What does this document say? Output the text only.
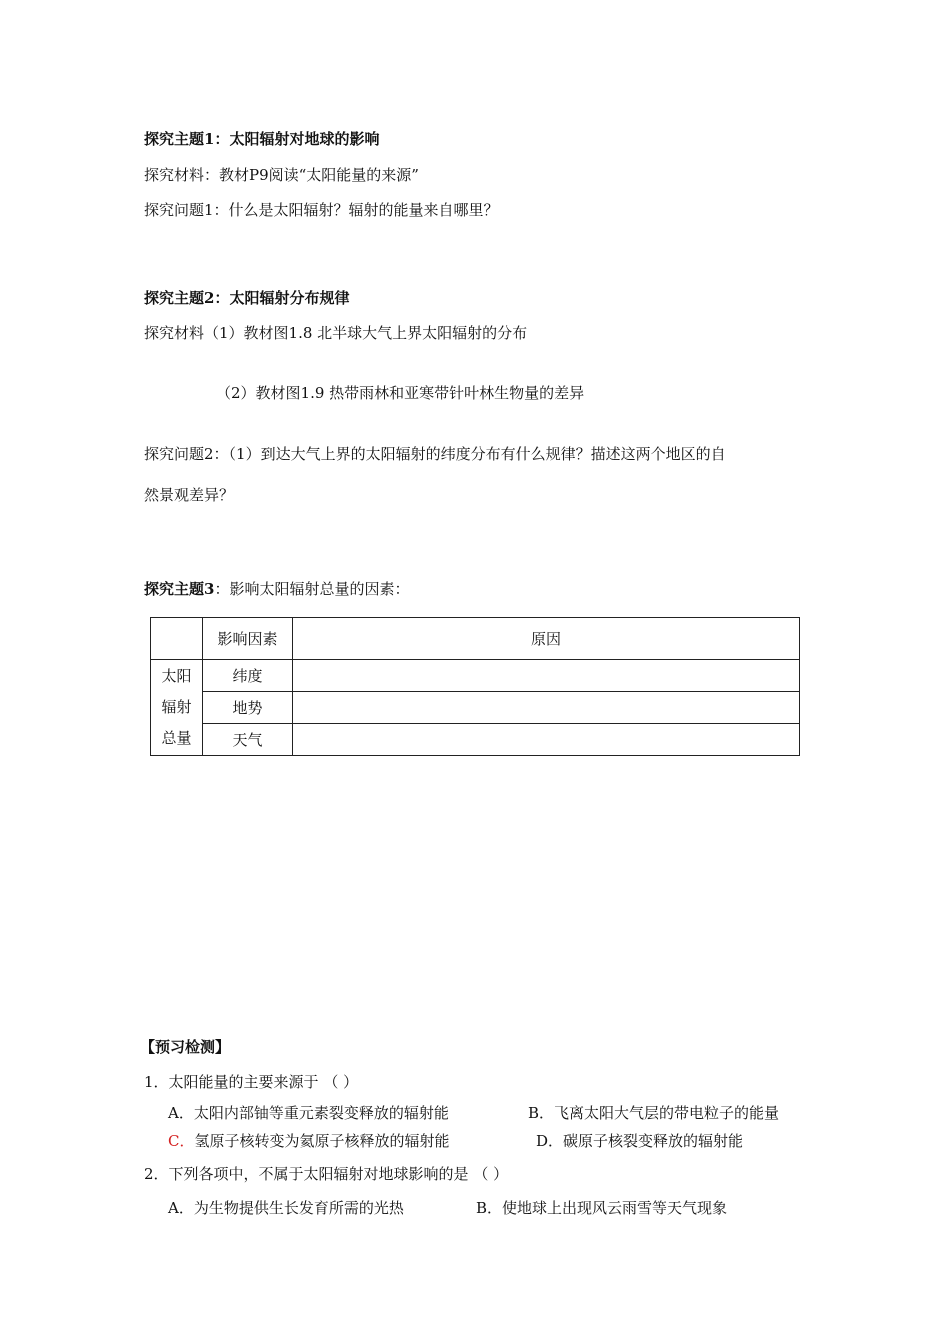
探究主题1：太阳辐射对地球的影响
探究材料：教材P9阅读“太阳能量的来源”
探究问题1：什么是太阳辐射？辐射的能量来自哪里？
探究主题2：太阳辐射分布规律
探究材料（1）教材图1.8 北半球大气上界太阳辐射的分布
（2）教材图1.9 热带雨林和亚寒带针叶林生物量的差异
探究问题2：（1）到达大气上界的太阳辐射的纬度分布有什么规律？描述这两个地区的自
然景观差异？
探究主题3：影响太阳辐射总量的因素：
	影响因素	原因

太阳
辐射
总量	纬度	
	地势	
	天气	
【预习检测】
1．太阳能量的主要来源于 （ ）
A．太阳内部铀等重元素裂变释放的辐射能	B．飞离太阳大气层的带电粒子的能量
C．氢原子核转变为氦原子核释放的辐射能	D．碳原子核裂变释放的辐射能
2．下列各项中，不属于太阳辐射对地球影响的是 （ ）
A．为生物提供生长发育所需的光热	B．使地球上出现风云雨雪等天气现象
